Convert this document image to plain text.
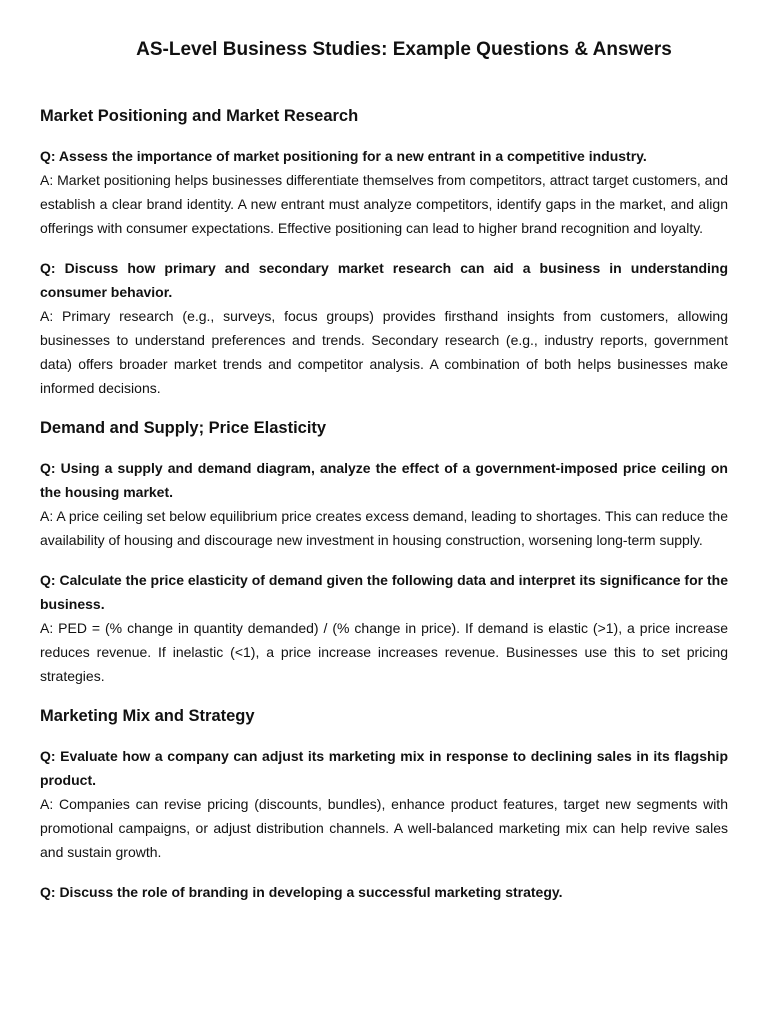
AS-Level Business Studies: Example Questions & Answers
Market Positioning and Market Research

Q: Assess the importance of market positioning for a new entrant in a competitive industry.

A: Market positioning helps businesses differentiate themselves from competitors, attract target customers, and establish a clear brand identity. A new entrant must analyze competitors, identify gaps in the market, and align offerings with consumer expectations. Effective positioning can lead to higher brand recognition and loyalty.

Q: Discuss how primary and secondary market research can aid a business in understanding consumer behavior.

A: Primary research (e.g., surveys, focus groups) provides firsthand insights from customers, allowing businesses to understand preferences and trends. Secondary research (e.g., industry reports, government data) offers broader market trends and competitor analysis. A combination of both helps businesses make informed decisions.

Demand and Supply; Price Elasticity

Q: Using a supply and demand diagram, analyze the effect of a government-imposed price ceiling on the housing market.

A: A price ceiling set below equilibrium price creates excess demand, leading to shortages. This can reduce the availability of housing and discourage new investment in housing construction, worsening long-term supply.

Q: Calculate the price elasticity of demand given the following data and interpret its significance for the business.

A: PED = (% change in quantity demanded) / (% change in price). If demand is elastic (>1), a price increase reduces revenue. If inelastic (<1), a price increase increases revenue. Businesses use this to set pricing strategies.

Marketing Mix and Strategy

Q: Evaluate how a company can adjust its marketing mix in response to declining sales in its flagship product.

A: Companies can revise pricing (discounts, bundles), enhance product features, target new segments with promotional campaigns, or adjust distribution channels. A well-balanced marketing mix can help revive sales and sustain growth.

Q: Discuss the role of branding in developing a successful marketing strategy.
